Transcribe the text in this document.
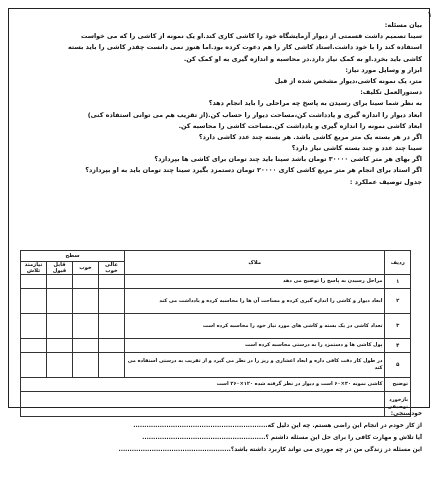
۱
بیان مسئله:
سینا تصمیم داشت قسمتی از دیوار آزمایشگاه خود را کاشی کاری کند.او یک نمونه از کاشی را که می خواست
استفاده کند را با خود داشت.استاد کاشی کار را هم دعوت کرده بود.اما هنوز نمی دانست چقدر کاشی را باید بسته
کاشی باید بخرد.او به کمک نیاز دارد.در محاسبه و اندازه گیری به او کمک کن.
ابزار و وسایل مورد نیاز:
متر، یک نمونه کاشی،دیوار مشخص شده از قبل
دستورالعمل تکلیف:
به نظر شما سینا برای رسیدن به پاسخ چه مراحلی را باید انجام دهد؟
ابعاد دیوار را اندازه گیری و یادداشت کن،مساحت دیوار را حساب کن.(از تقریب هم می توانی استفاده کنی)
ابعاد کاشی نمونه را اندازه گیری و یادداشت کن.مساحت کاشی را محاسبه کن.
اگر در هر بسته یک متر مربع کاشی باشد. هر بسته چند عدد کاشی دارد؟
سینا چند عدد و چند بسته کاشی نیاز دارد؟
اگر بهای هر متر کاشی ۳۰۰۰۰ تومان باشد سینا باید چند تومان برای کاشی ها بپردازد؟
اگر استاد برای انجام هر متر مربع کاشی کاری ۲۰۰۰۰ تومان دستمزد بگیرد سینا چند تومان باید به او بپردازد؟
جدول توصیف عملکرد :
ردیف	ملاک	سطح			
		عالی خوب	خوب	قابل قبول	نیازمند تلاش
۱	مراحل رسیدن به پاسخ را توضیح می دهد				
۲	ابعاد دیوار و کاشی را اندازه گیری کرده و مساحت آن ها را محاسبه کرده و یادداشت می کند				
۳	تعداد کاشی در یک بسته و کاشی های مورد نیاز خود را محاسبه کرده است				
۴	پول کاشی ها و دستمزد را به درستی محاسبه کرده است				
۵	در طول کار دقت کافی داره و ابعاد اعشاری و ریز را در نظر می گیرد و از تقریب به درستی استفاده می کند				
توضیح	کاشی نمونه ۳۰×۶۰ است و دیوار در نظر گرفته شده ۱۲۰×۲۶۰ است				
بازخورد توصیفی					
خودسنجی:
از کار خودم در انجام این راضی هستم. چه این دلیل که.............................................................
آیا تلاش و مهارت کافی را برای حل این مسئله داشتم ؟........................................................
این مسئله در زندگی من در چه موردی می تواند کاربرد داشته باشد؟...................................................
